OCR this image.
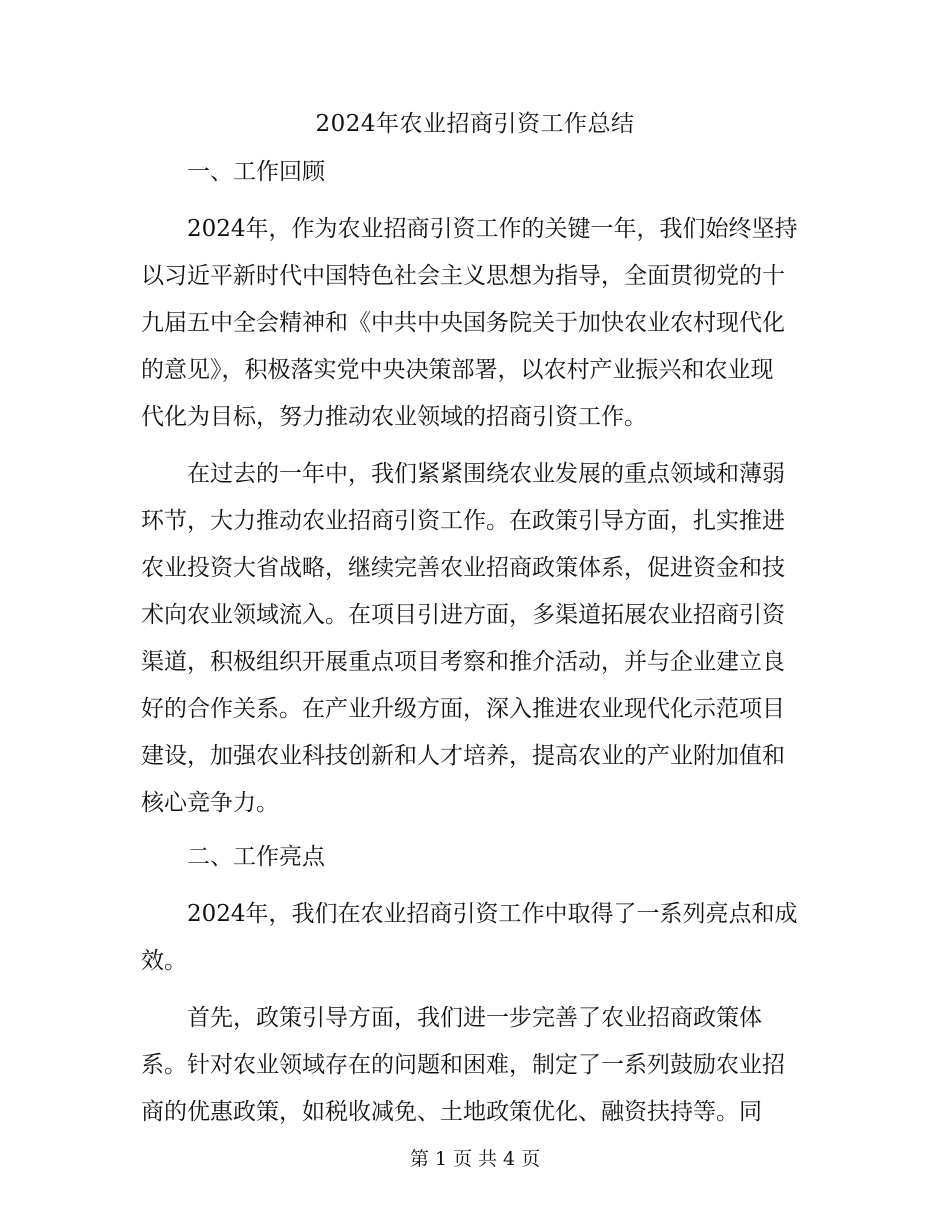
2024年农业招商引资工作总结
一、工作回顾
2024年，作为农业招商引资工作的关键一年，我们始终坚持
以习近平新时代中国特色社会主义思想为指导，全面贯彻党的十
九届五中全会精神和《中共中央国务院关于加快农业农村现代化
的意见》，积极落实党中央决策部署，以农村产业振兴和农业现
代化为目标，努力推动农业领域的招商引资工作。
在过去的一年中，我们紧紧围绕农业发展的重点领域和薄弱
环节，大力推动农业招商引资工作。在政策引导方面，扎实推进
农业投资大省战略，继续完善农业招商政策体系，促进资金和技
术向农业领域流入。在项目引进方面，多渠道拓展农业招商引资
渠道，积极组织开展重点项目考察和推介活动，并与企业建立良
好的合作关系。在产业升级方面，深入推进农业现代化示范项目
建设，加强农业科技创新和人才培养，提高农业的产业附加值和
核心竞争力。
二、工作亮点
2024年，我们在农业招商引资工作中取得了一系列亮点和成
效。
首先，政策引导方面，我们进一步完善了农业招商政策体
系。针对农业领域存在的问题和困难，制定了一系列鼓励农业招
商的优惠政策，如税收减免、土地政策优化、融资扶持等。同
第 1 页 共 4 页
